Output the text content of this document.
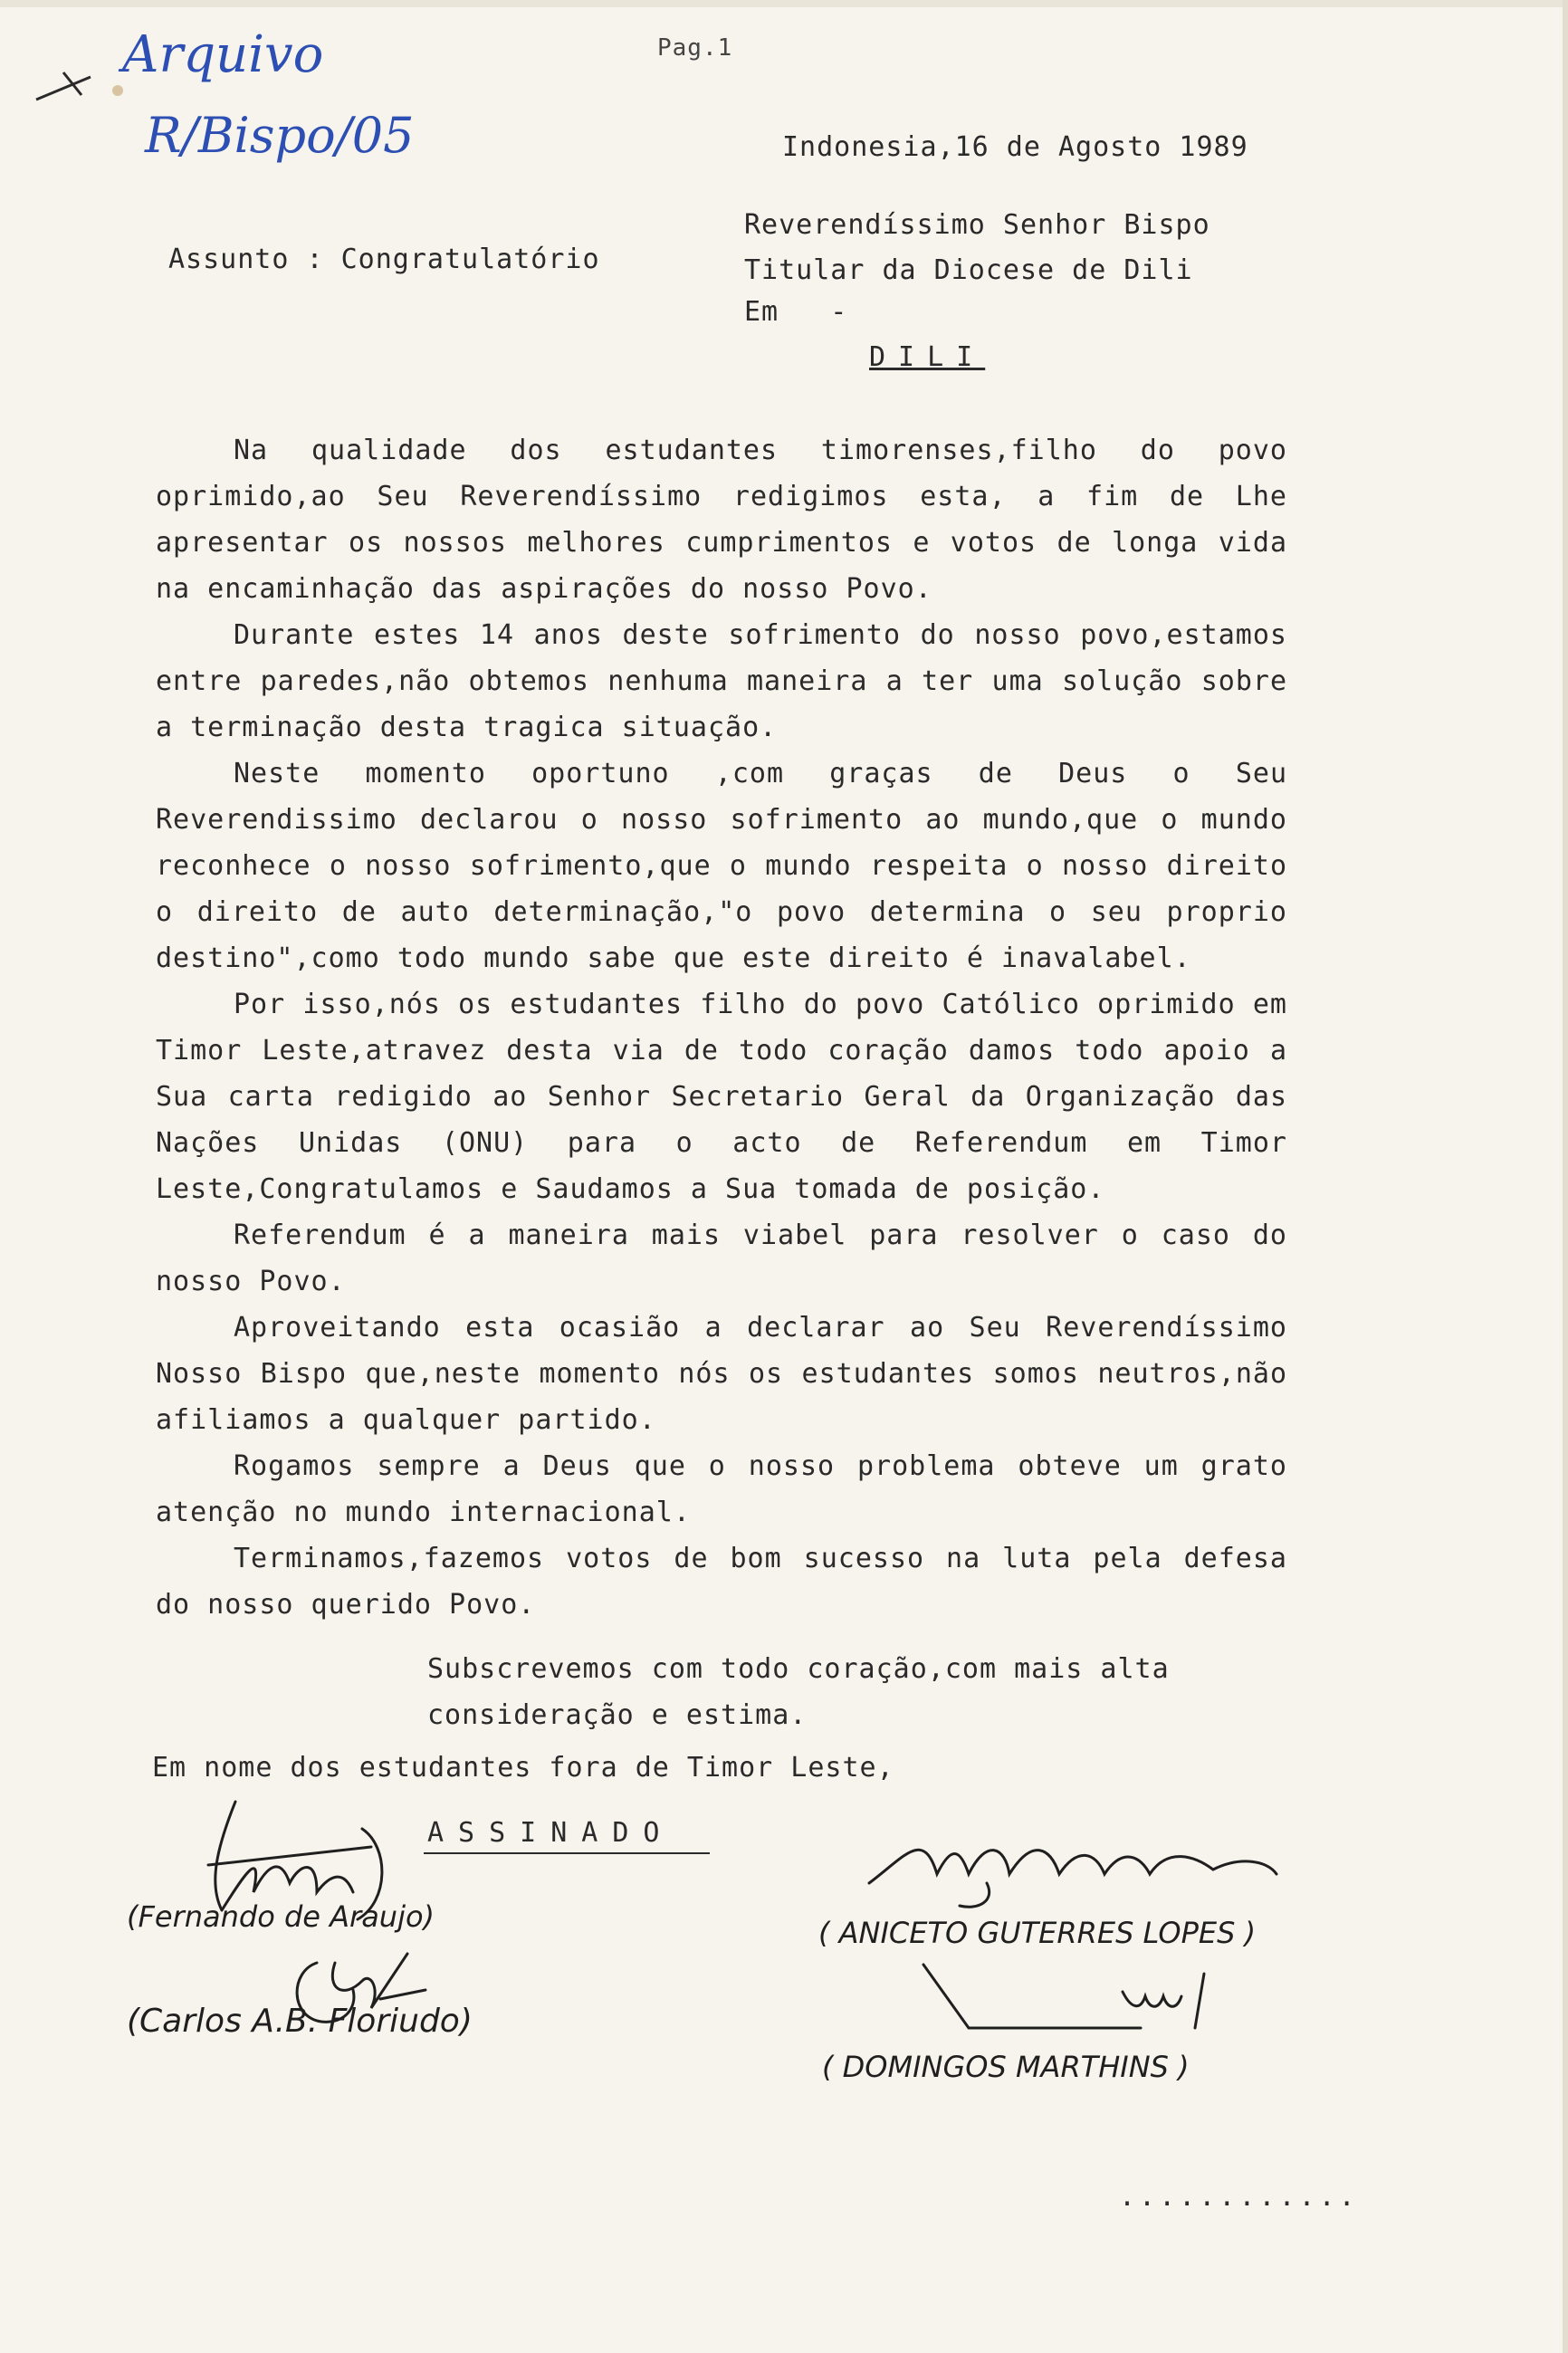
Arquivo
R/Bispo/05
Pag.1
Indonesia,16 de Agosto 1989
Assunto : Congratulatório
Reverendíssimo Senhor Bispo
Titular da Diocese de Dili
Em   -
DILI

Na qualidade dos estudantes timorenses,filho do povo oprimido,ao Seu Reverendíssimo redigimos esta, a fim de Lhe apresentar os nossos melhores cumprimentos e votos de longa vida na encaminhação das aspirações do nosso Povo.

Durante estes 14 anos deste sofrimento do nosso povo,estamos entre paredes,não obtemos nenhuma maneira a ter uma solução sobre a terminação desta tragica situação.

Neste momento oportuno ,com graças de Deus o Seu Reverendissimo declarou o nosso sofrimento ao mundo,que o mundo reconhece o nosso sofrimento,que o mundo respeita o nosso direito o direito de auto determinação,"o povo determina o seu proprio destino",como todo mundo sabe que este direito é inavalabel.

Por isso,nós os estudantes filho do povo Católico oprimido em Timor Leste,atravez desta via de todo coração damos todo apoio a Sua carta redigido ao Senhor Secretario Geral da Organização das Nações Unidas (ONU) para o acto de Referendum em Timor Leste,Congratulamos e Saudamos a Sua tomada de posição.

Referendum é a maneira mais viabel para resolver o caso do nosso Povo.

Aproveitando esta ocasião a declarar ao Seu Reverendíssimo Nosso Bispo que,neste momento nós os estudantes somos neutros,não afiliamos a qualquer partido.

Rogamos sempre a Deus que o nosso problema obteve um grato atenção no mundo internacional.

Terminamos,fazemos votos de bom sucesso na luta pela defesa do nosso querido Povo.

Subscrevemos com todo coração,com mais alta consideração e estima.
Em nome dos estudantes fora de Timor Leste,
ASSINADO
(Fernando de Araujo)
(Carlos A.B. Floriudo)
( ANICETO GUTERRES LOPES )
( DOMINGOS MARTHINS )
............
